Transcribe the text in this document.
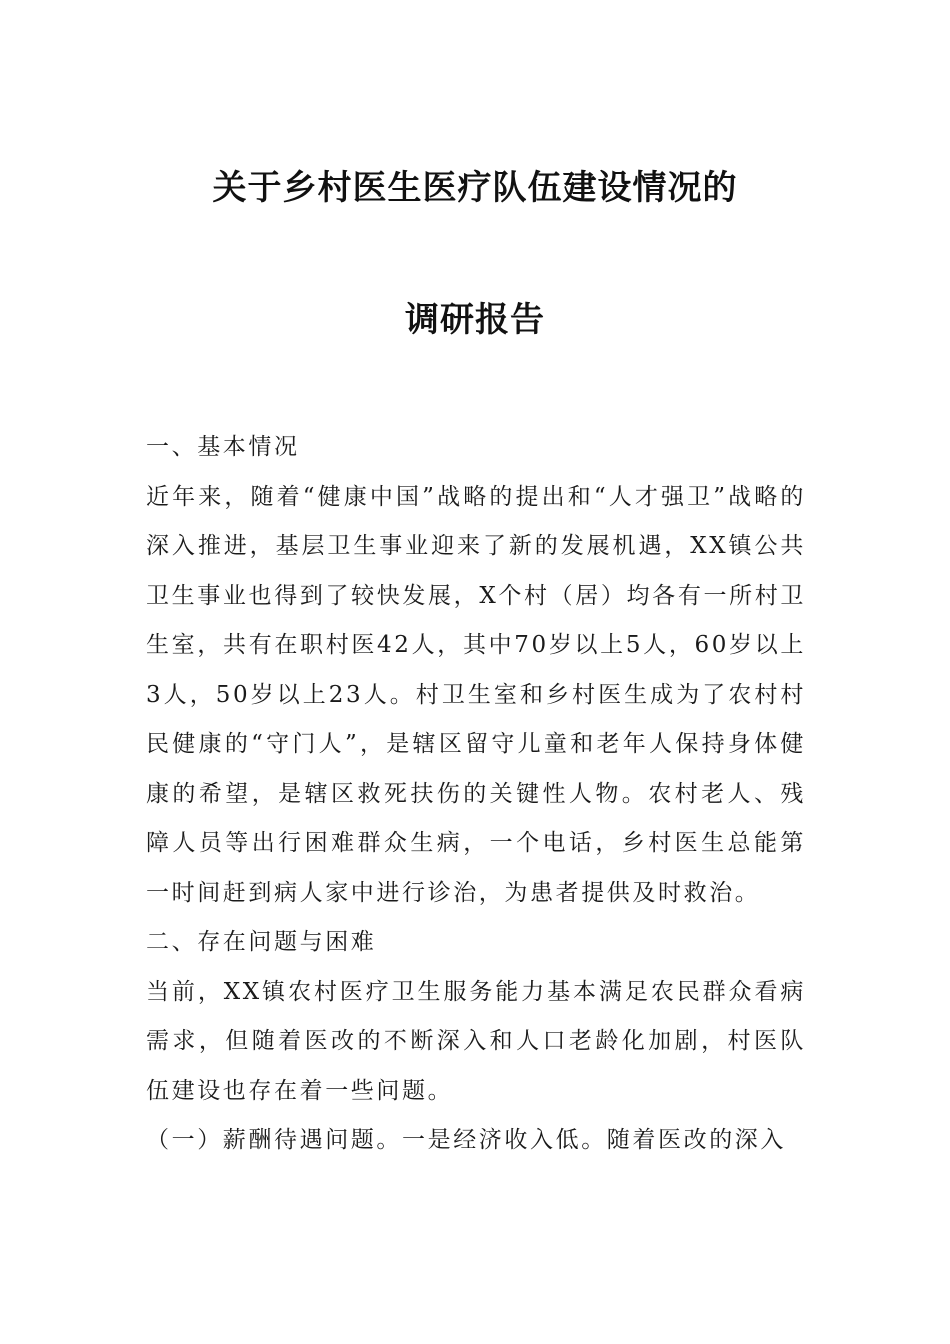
关于乡村医生医疗队伍建设情况的
调研报告

一、基本情况

近年来，随着“健康中国”战略的提出和“人才强卫”战略的深入推进，基层卫生事业迎来了新的发展机遇，XX镇公共卫生事业也得到了较快发展，X个村（居）均各有一所村卫生室，共有在职村医42人，其中70岁以上5人，60岁以上3人，50岁以上23人。村卫生室和乡村医生成为了农村村民健康的“守门人”，是辖区留守儿童和老年人保持身体健康的希望，是辖区救死扶伤的关键性人物。农村老人、残障人员等出行困难群众生病，一个电话，乡村医生总能第一时间赶到病人家中进行诊治，为患者提供及时救治。

二、存在问题与困难

当前，XX镇农村医疗卫生服务能力基本满足农民群众看病需求，但随着医改的不断深入和人口老龄化加剧，村医队伍建设也存在着一些问题。

（一）薪酬待遇问题。一是经济收入低。随着医改的深入
